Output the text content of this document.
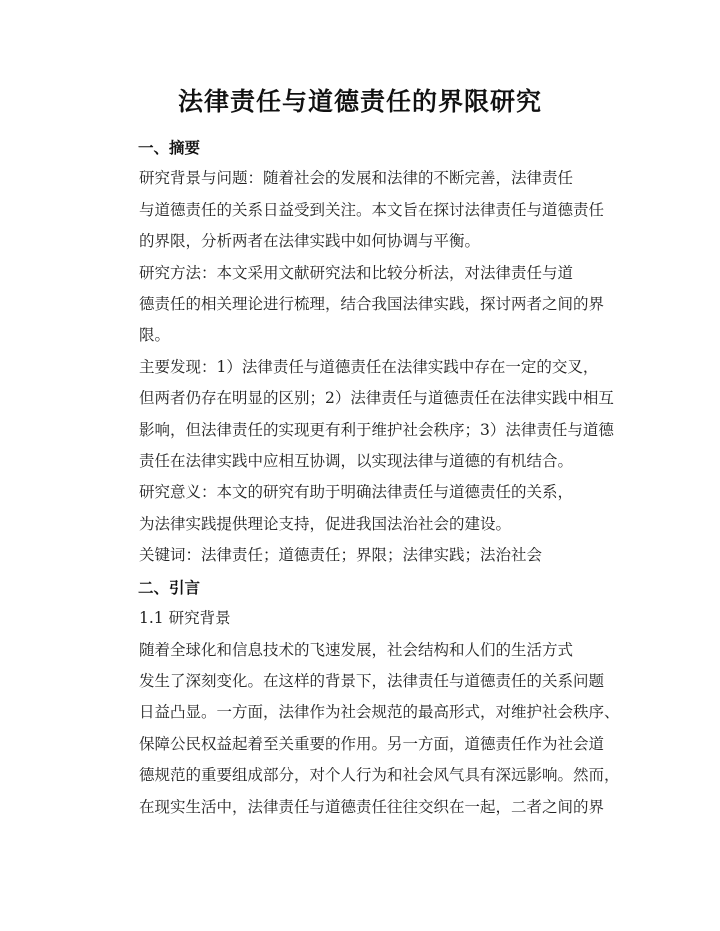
法律责任与道德责任的界限研究

一、摘要

研究背景与问题：随着社会的发展和法律的不断完善，法律责任
与道德责任的关系日益受到关注。本文旨在探讨法律责任与道德责任
的界限，分析两者在法律实践中如何协调与平衡。

研究方法：本文采用文献研究法和比较分析法，对法律责任与道
德责任的相关理论进行梳理，结合我国法律实践，探讨两者之间的界
限。

主要发现：1）法律责任与道德责任在法律实践中存在一定的交叉，
但两者仍存在明显的区别；2）法律责任与道德责任在法律实践中相互
影响，但法律责任的实现更有利于维护社会秩序；3）法律责任与道德
责任在法律实践中应相互协调，以实现法律与道德的有机结合。

研究意义：本文的研究有助于明确法律责任与道德责任的关系，
为法律实践提供理论支持，促进我国法治社会的建设。

关键词：法律责任；道德责任；界限；法律实践；法治社会

二、引言

1.1 研究背景

随着全球化和信息技术的飞速发展，社会结构和人们的生活方式
发生了深刻变化。在这样的背景下，法律责任与道德责任的关系问题
日益凸显。一方面，法律作为社会规范的最高形式，对维护社会秩序、
保障公民权益起着至关重要的作用。另一方面，道德责任作为社会道
德规范的重要组成部分，对个人行为和社会风气具有深远影响。然而，
在现实生活中，法律责任与道德责任往往交织在一起，二者之间的界
